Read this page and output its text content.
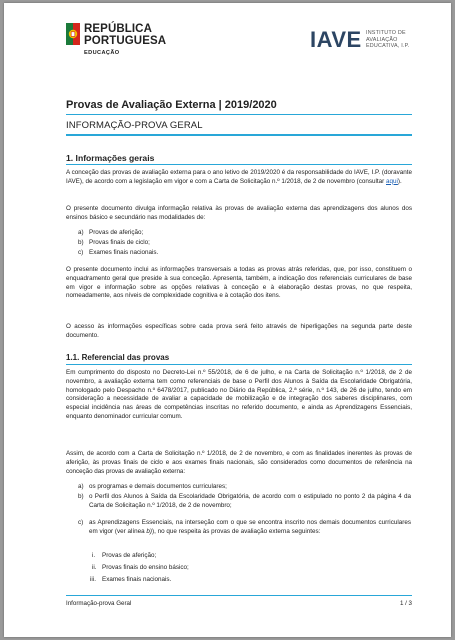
REPÚBLICA
PORTUGUESA
EDUCAÇÃO
IAVE INSTITUTO DE AVALIAÇÃO EDUCATIVA, I.P.
Provas de Avaliação Externa | 2019/2020
INFORMAÇÃO-PROVA GERAL
1. Informações gerais
A conceção das provas de avaliação externa para o ano letivo de 2019/2020 é da responsabilidade do IAVE, I.P. (doravante IAVE), de acordo com a legislação em vigor e com a Carta de Solicitação n.º 1/2018, de 2 de novembro (consultar aqui).
O presente documento divulga informação relativa às provas de avaliação externa das aprendizagens dos alunos dos ensinos básico e secundário nas modalidades de:
a) Provas de aferição;
b) Provas finais de ciclo;
c) Exames finais nacionais.
O presente documento inclui as informações transversais a todas as provas atrás referidas, que, por isso, constituem o enquadramento geral que preside à sua conceção. Apresenta, também, a indicação dos referenciais curriculares de base em vigor e informação sobre as opções relativas à conceção e à elaboração destas provas, no que respeita, nomeadamente, aos níveis de complexidade cognitiva e à cotação dos itens.
O acesso às informações específicas sobre cada prova será feito através de hiperligações na segunda parte deste documento.
1.1. Referencial das provas
Em cumprimento do disposto no Decreto-Lei n.º 55/2018, de 6 de julho, e na Carta de Solicitação n.º 1/2018, de 2 de novembro, a avaliação externa tem como referenciais de base o Perfil dos Alunos à Saída da Escolaridade Obrigatória, homologado pelo Despacho n.º 6478/2017, publicado no Diário da República, 2.ª série, n.º 143, de 26 de julho, tendo em consideração a necessidade de avaliar a capacidade de mobilização e de integração dos saberes disciplinares, com especial incidência nas áreas de competências inscritas no referido documento, e ainda as Aprendizagens Essenciais, enquanto denominador curricular comum.
Assim, de acordo com a Carta de Solicitação n.º 1/2018, de 2 de novembro, e com as finalidades inerentes às provas de aferição, às provas finais de ciclo e aos exames finais nacionais, são considerados como documentos de referência na conceção das provas de avaliação externa:
a) os programas e demais documentos curriculares;
b) o Perfil dos Alunos à Saída da Escolaridade Obrigatória, de acordo com o estipulado no ponto 2 da página 4 da Carta de Solicitação n.º 1/2018, de 2 de novembro;
c) as Aprendizagens Essenciais, na interseção com o que se encontra inscrito nos demais documentos curriculares em vigor (ver alínea b)), no que respeita às provas de avaliação externa seguintes:
i. Provas de aferição;
ii. Provas finais do ensino básico;
iii. Exames finais nacionais.
Informação-prova Geral	1 / 3
